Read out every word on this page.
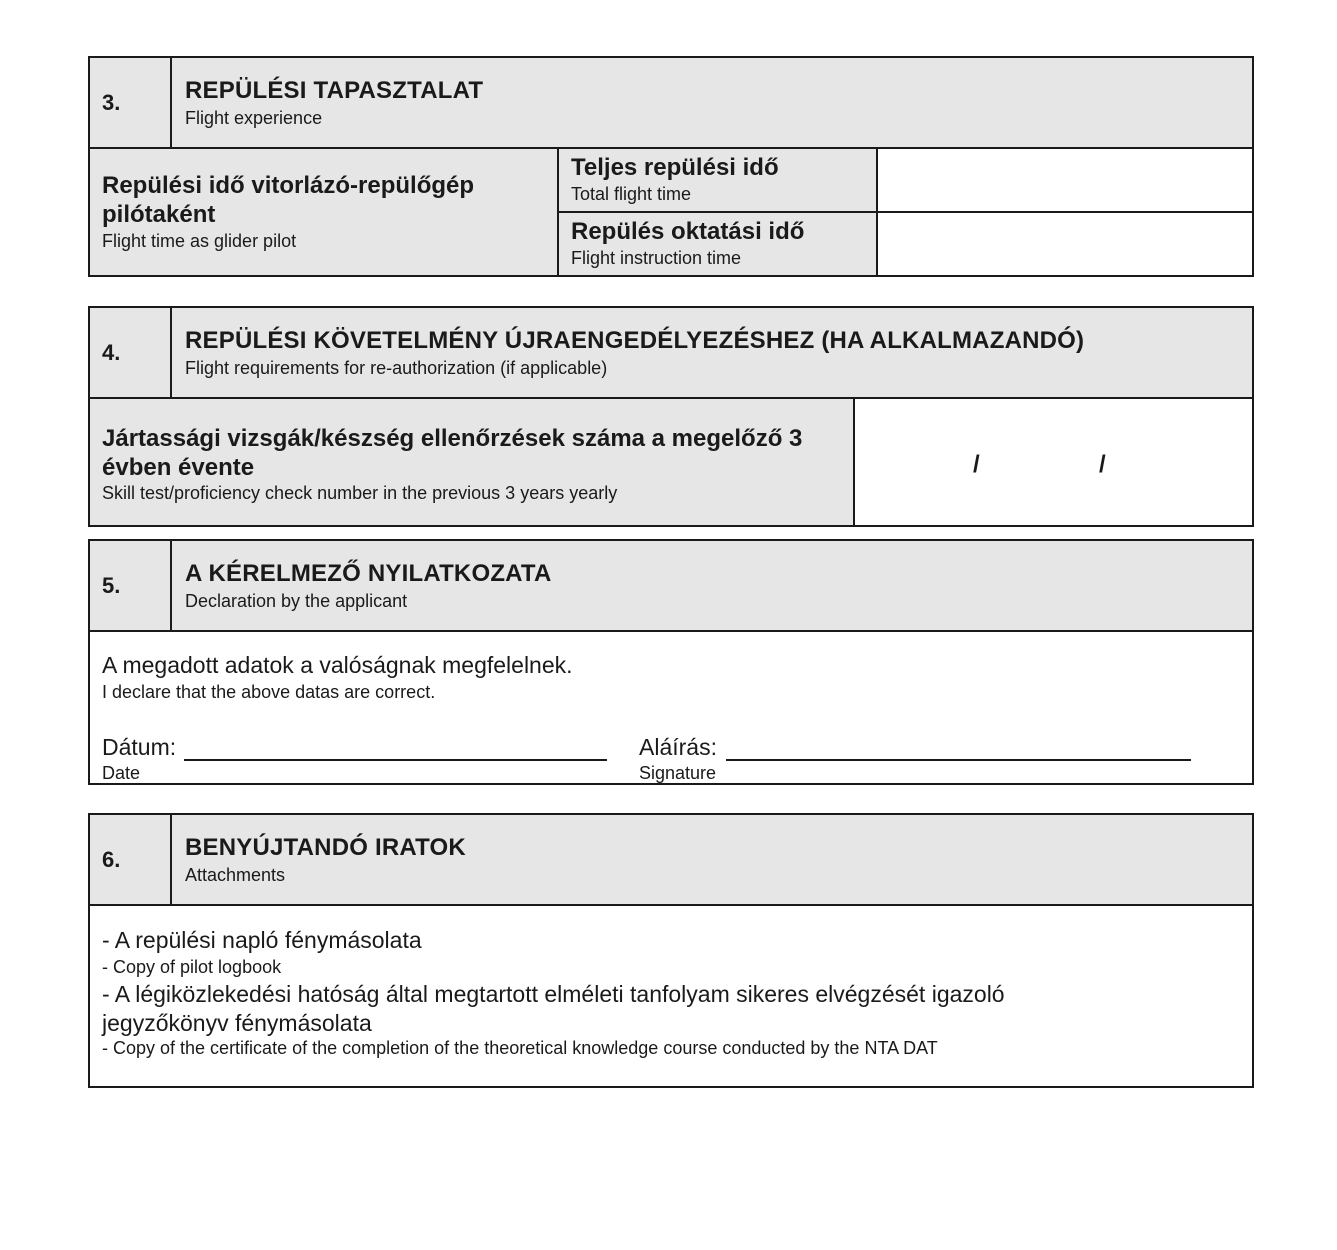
3.	REPÜLÉSI TAPASZTALAT
Flight experience
Repülési idő vitorlázó-repülőgép pilótaként
Flight time as glider pilot
Teljes repülési idő
Total flight time
Repülés oktatási idő
Flight instruction time
4.	REPÜLÉSI KÖVETELMÉNY ÚJRAENGEDÉLYEZÉSHEZ (HA ALKALMAZANDÓ)
Flight requirements for re-authorization (if applicable)
Jártassági vizsgák/készség ellenőrzések száma a megelőző 3 évben évente
Skill test/proficiency check number in the previous 3 years yearly
/	/
5.	A KÉRELMEZŐ NYILATKOZATA
Declaration by the applicant
A megadott adatok a valóságnak megfelelnek.
I declare that the above datas are correct.
Dátum:
Date
Aláírás:
Signature
6.	BENYÚJTANDÓ IRATOK
Attachments
- A repülési napló fénymásolata
- Copy of pilot logbook
- A légiközlekedési hatóság által megtartott elméleti tanfolyam sikeres elvégzését igazoló jegyzőkönyv fénymásolata
- Copy of the certificate of the completion of the theoretical knowledge course conducted by the NTA DAT
